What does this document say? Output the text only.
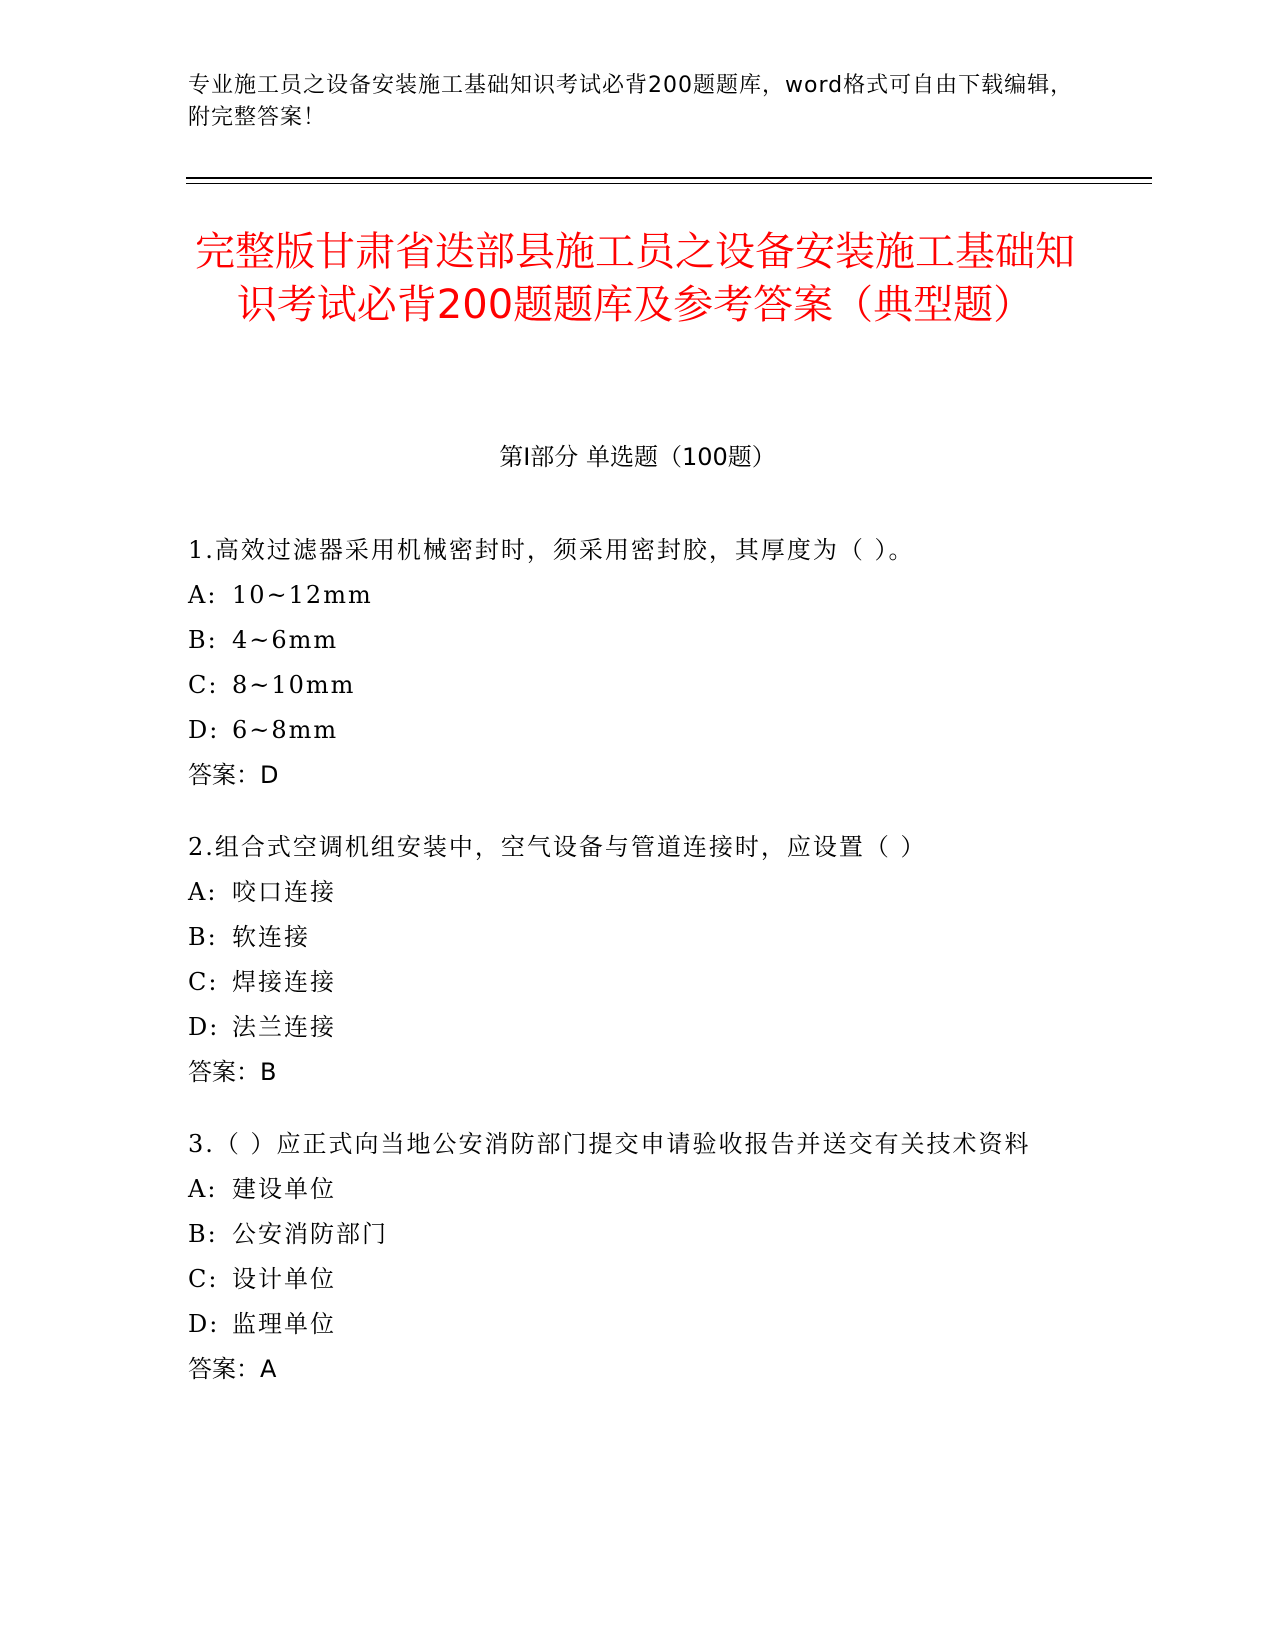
专业施工员之设备安装施工基础知识考试必背200题题库，word格式可自由下载编辑，附完整答案！
完整版甘肃省迭部县施工员之设备安装施工基础知识考试必背200题题库及参考答案（典型题）
第Ⅰ部分 单选题（100题）
1.高效过滤器采用机械密封时，须采用密封胶，其厚度为（ ）。
A: 10~12mm
B: 4~6mm
C: 8~10mm
D: 6~8mm
答案：D
2.组合式空调机组安装中，空气设备与管道连接时，应设置（ ）
A: 咬口连接
B: 软连接
C: 焊接连接
D: 法兰连接
答案：B
3.（ ）应正式向当地公安消防部门提交申请验收报告并送交有关技术资料
A: 建设单位
B: 公安消防部门
C: 设计单位
D: 监理单位
答案：A
